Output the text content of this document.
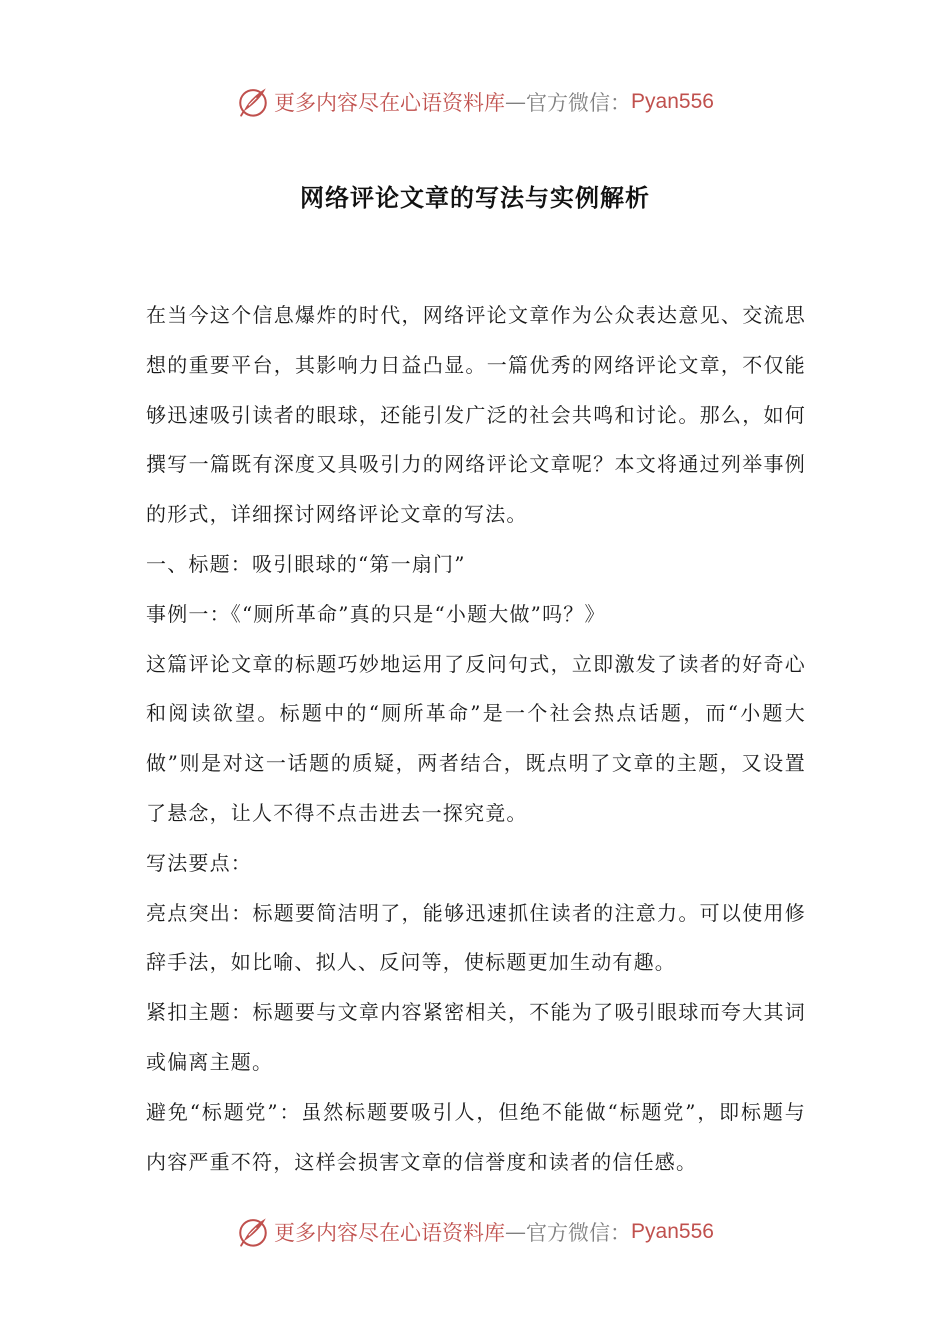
更多内容尽在心语资料库 — 官方微信： Pyan556
网络评论文章的写法与实例解析

在当今这个信息爆炸的时代，网络评论文章作为公众表达意见、交流思想的重要平台，其影响力日益凸显。一篇优秀的网络评论文章，不仅能够迅速吸引读者的眼球，还能引发广泛的社会共鸣和讨论。那么，如何撰写一篇既有深度又具吸引力的网络评论文章呢？本文将通过列举事例的形式，详细探讨网络评论文章的写法。

一、标题：吸引眼球的“第一扇门”

事例一：《“厕所革命”真的只是“小题大做”吗？》

这篇评论文章的标题巧妙地运用了反问句式，立即激发了读者的好奇心和阅读欲望。标题中的“厕所革命”是一个社会热点话题，而“小题大做”则是对这一话题的质疑，两者结合，既点明了文章的主题，又设置了悬念，让人不得不点击进去一探究竟。

写法要点：

亮点突出：标题要简洁明了，能够迅速抓住读者的注意力。可以使用修辞手法，如比喻、拟人、反问等，使标题更加生动有趣。

紧扣主题：标题要与文章内容紧密相关，不能为了吸引眼球而夸大其词或偏离主题。

避免“标题党”：虽然标题要吸引人，但绝不能做“标题党”，即标题与内容严重不符，这样会损害文章的信誉度和读者的信任感。

更多内容尽在心语资料库 — 官方微信： Pyan556
